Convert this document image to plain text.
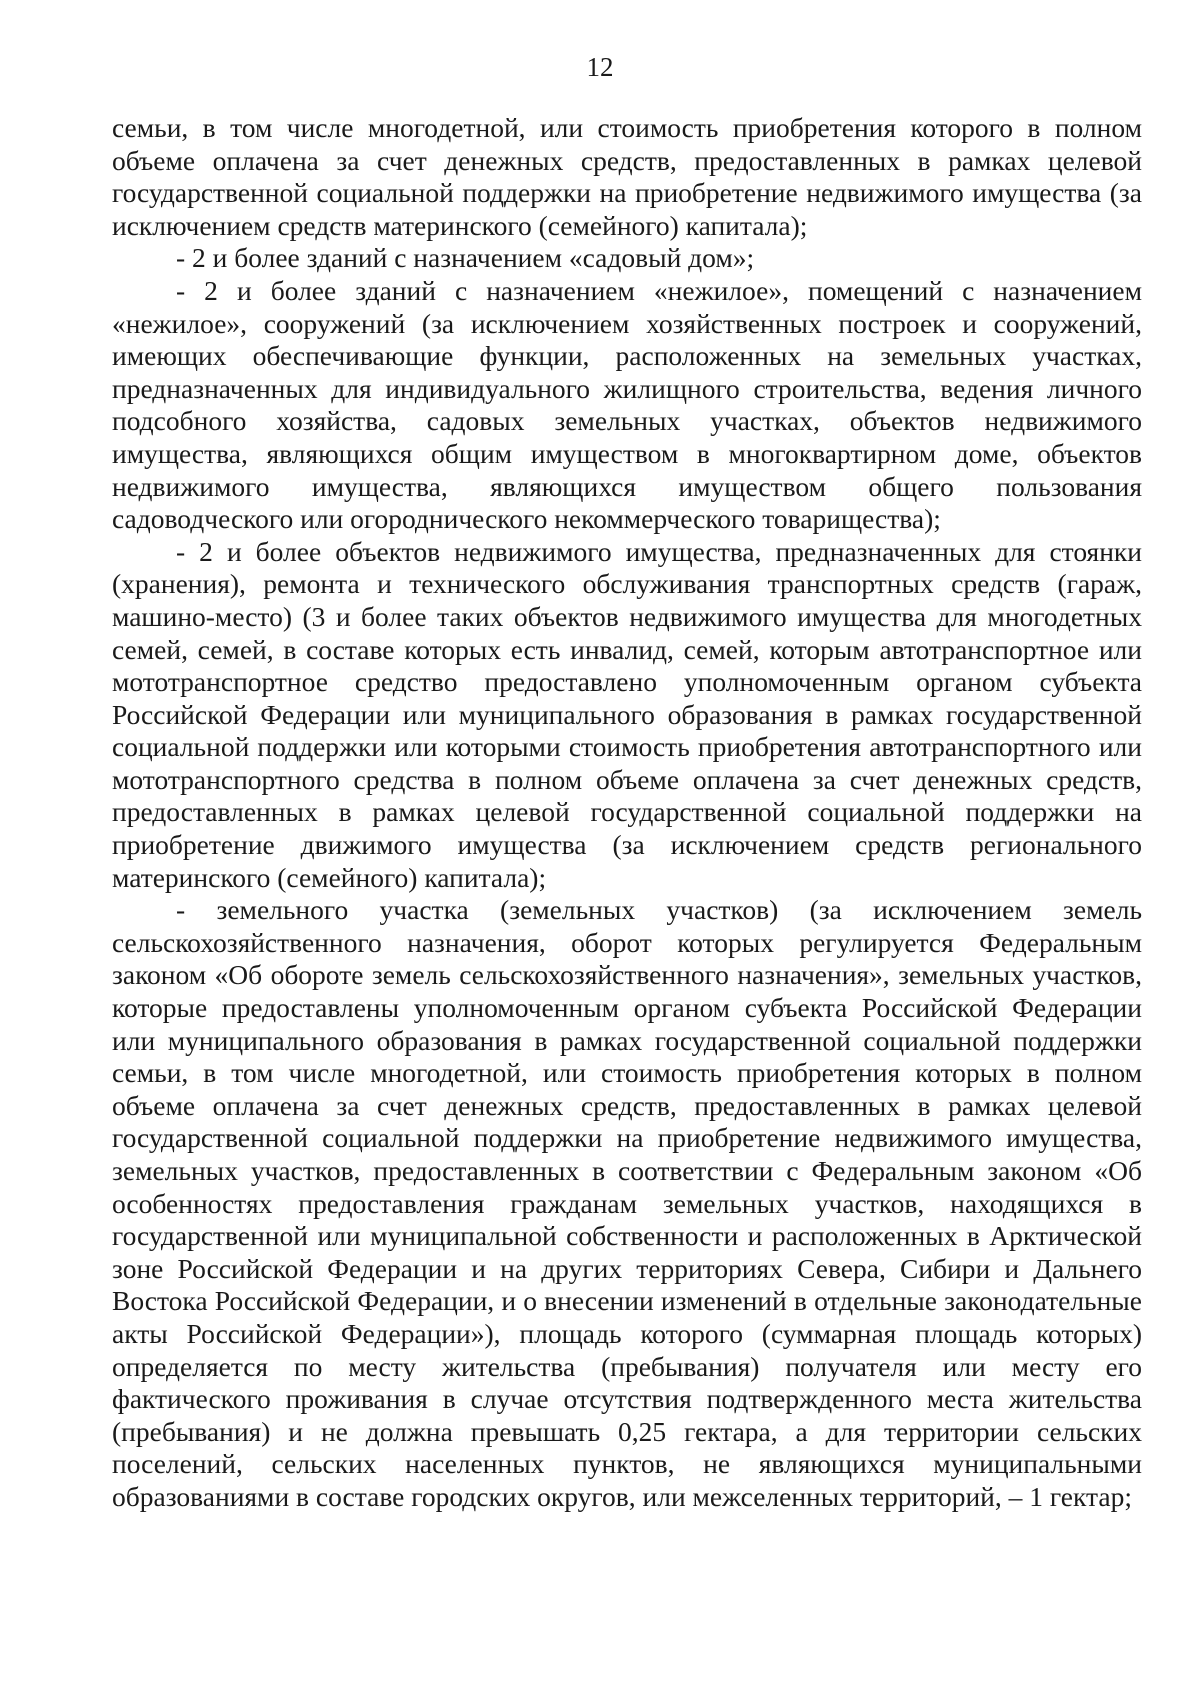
12

семьи, в том числе многодетной, или стоимость приобретения которого в полном объеме оплачена за счет денежных средств, предоставленных в рамках целевой государственной социальной поддержки на приобретение недвижимого имущества (за исключением средств материнского (семейного) капитала);

- 2 и более зданий с назначением «садовый дом»;

- 2 и более зданий с назначением «нежилое», помещений с назначением «нежилое», сооружений (за исключением хозяйственных построек и сооружений, имеющих обеспечивающие функции, расположенных на земельных участках, предназначенных для индивидуального жилищного строительства, ведения личного подсобного хозяйства, садовых земельных участках, объектов недвижимого имущества, являющихся общим имуществом в многоквартирном доме, объектов недвижимого имущества, являющихся имуществом общего пользования садоводческого или огороднического некоммерческого товарищества);

- 2 и более объектов недвижимого имущества, предназначенных для стоянки (хранения), ремонта и технического обслуживания транспортных средств (гараж, машино-место) (3 и более таких объектов недвижимого имущества для многодетных семей, семей, в составе которых есть инвалид, семей, которым автотранспортное или мототранспортное средство предоставлено уполномоченным органом субъекта Российской Федерации или муниципального образования в рамках государственной социальной поддержки или которыми стоимость приобретения автотранспортного или мототранспортного средства в полном объеме оплачена за счет денежных средств, предоставленных в рамках целевой государственной социальной поддержки на приобретение движимого имущества (за исключением средств регионального материнского (семейного) капитала);

- земельного участка (земельных участков) (за исключением земель сельскохозяйственного назначения, оборот которых регулируется Федеральным законом «Об обороте земель сельскохозяйственного назначения», земельных участков, которые предоставлены уполномоченным органом субъекта Российской Федерации или муниципального образования в рамках государственной социальной поддержки семьи, в том числе многодетной, или стоимость приобретения которых в полном объеме оплачена за счет денежных средств, предоставленных в рамках целевой государственной социальной поддержки на приобретение недвижимого имущества, земельных участков, предоставленных в соответствии с Федеральным законом «Об особенностях предоставления гражданам земельных участков, находящихся в государственной или муниципальной собственности и расположенных в Арктической зоне Российской Федерации и на других территориях Севера, Сибири и Дальнего Востока Российской Федерации, и о внесении изменений в отдельные законодательные акты Российской Федерации»), площадь которого (суммарная площадь которых) определяется по месту жительства (пребывания) получателя или месту его фактического проживания в случае отсутствия подтвержденного места жительства (пребывания) и не должна превышать 0,25 гектара, а для территории сельских поселений, сельских населенных пунктов, не являющихся муниципальными образованиями в составе городских округов, или межселенных территорий, – 1 гектар;
